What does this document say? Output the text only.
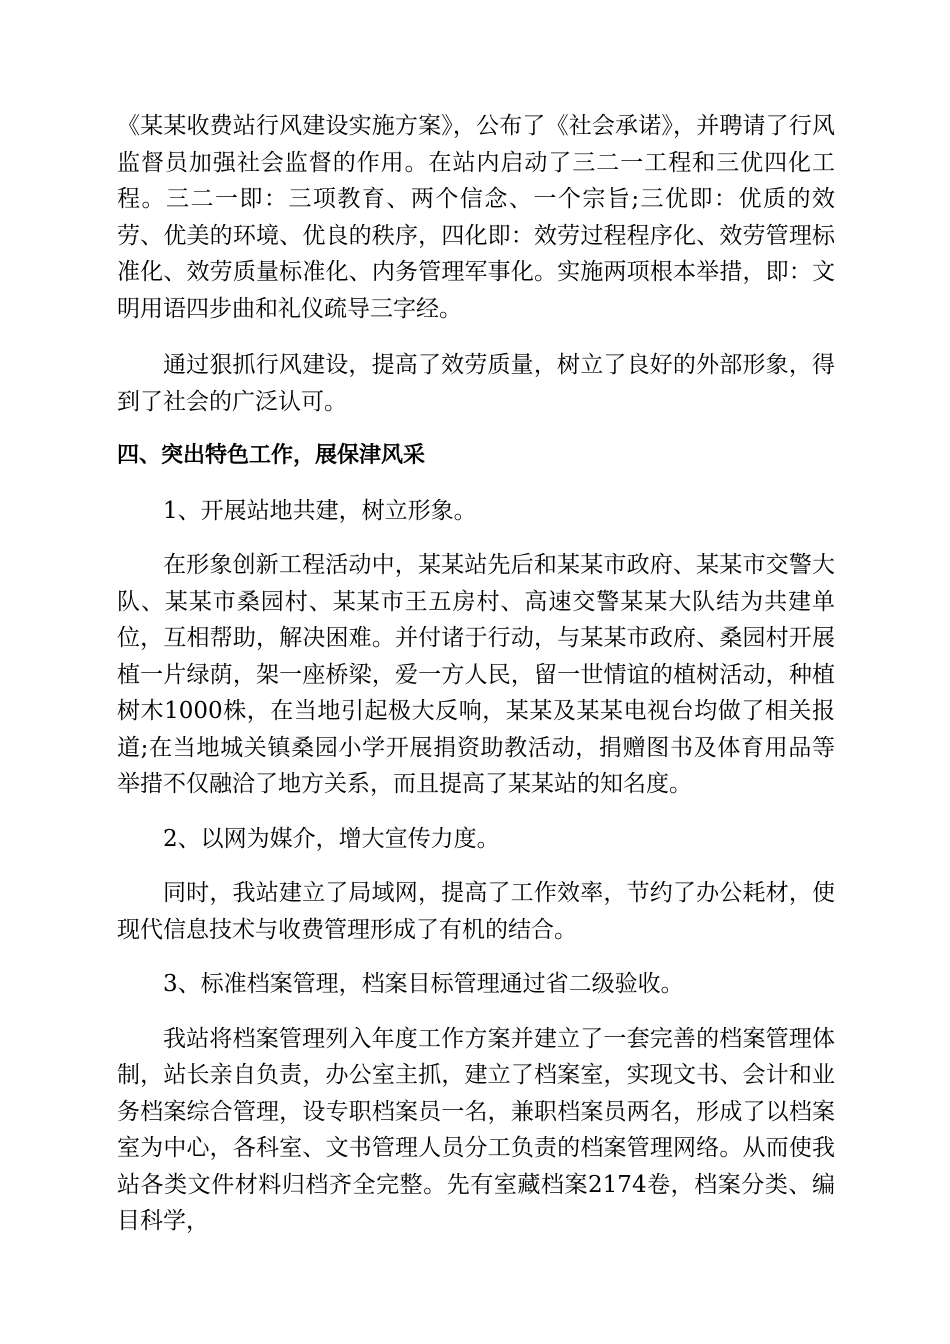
《某某收费站行风建设实施方案》，公布了《社会承诺》，并聘请了行风监督员加强社会监督的作用。在站内启动了三二一工程和三优四化工程。三二一即：三项教育、两个信念、一个宗旨;三优即：优质的效劳、优美的环境、优良的秩序，四化即：效劳过程程序化、效劳管理标准化、效劳质量标准化、内务管理军事化。实施两项根本举措，即：文明用语四步曲和礼仪疏导三字经。

通过狠抓行风建设，提高了效劳质量，树立了良好的外部形象，得到了社会的广泛认可。

四、突出特色工作，展保津风采

1、开展站地共建，树立形象。

在形象创新工程活动中，某某站先后和某某市政府、某某市交警大队、某某市桑园村、某某市王五房村、高速交警某某大队结为共建单位，互相帮助，解决困难。并付诸于行动，与某某市政府、桑园村开展植一片绿荫，架一座桥梁，爱一方人民，留一世情谊的植树活动，种植树木1000株，在当地引起极大反响，某某及某某电视台均做了相关报道;在当地城关镇桑园小学开展捐资助教活动，捐赠图书及体育用品等举措不仅融洽了地方关系，而且提高了某某站的知名度。

2、以网为媒介，增大宣传力度。

同时，我站建立了局域网，提高了工作效率，节约了办公耗材，使现代信息技术与收费管理形成了有机的结合。

3、标准档案管理，档案目标管理通过省二级验收。

我站将档案管理列入年度工作方案并建立了一套完善的档案管理体制，站长亲自负责，办公室主抓，建立了档案室，实现文书、会计和业务档案综合管理，设专职档案员一名，兼职档案员两名，形成了以档案室为中心，各科室、文书管理人员分工负责的档案管理网络。从而使我站各类文件材料归档齐全完整。先有室藏档案2174卷，档案分类、编目科学，
